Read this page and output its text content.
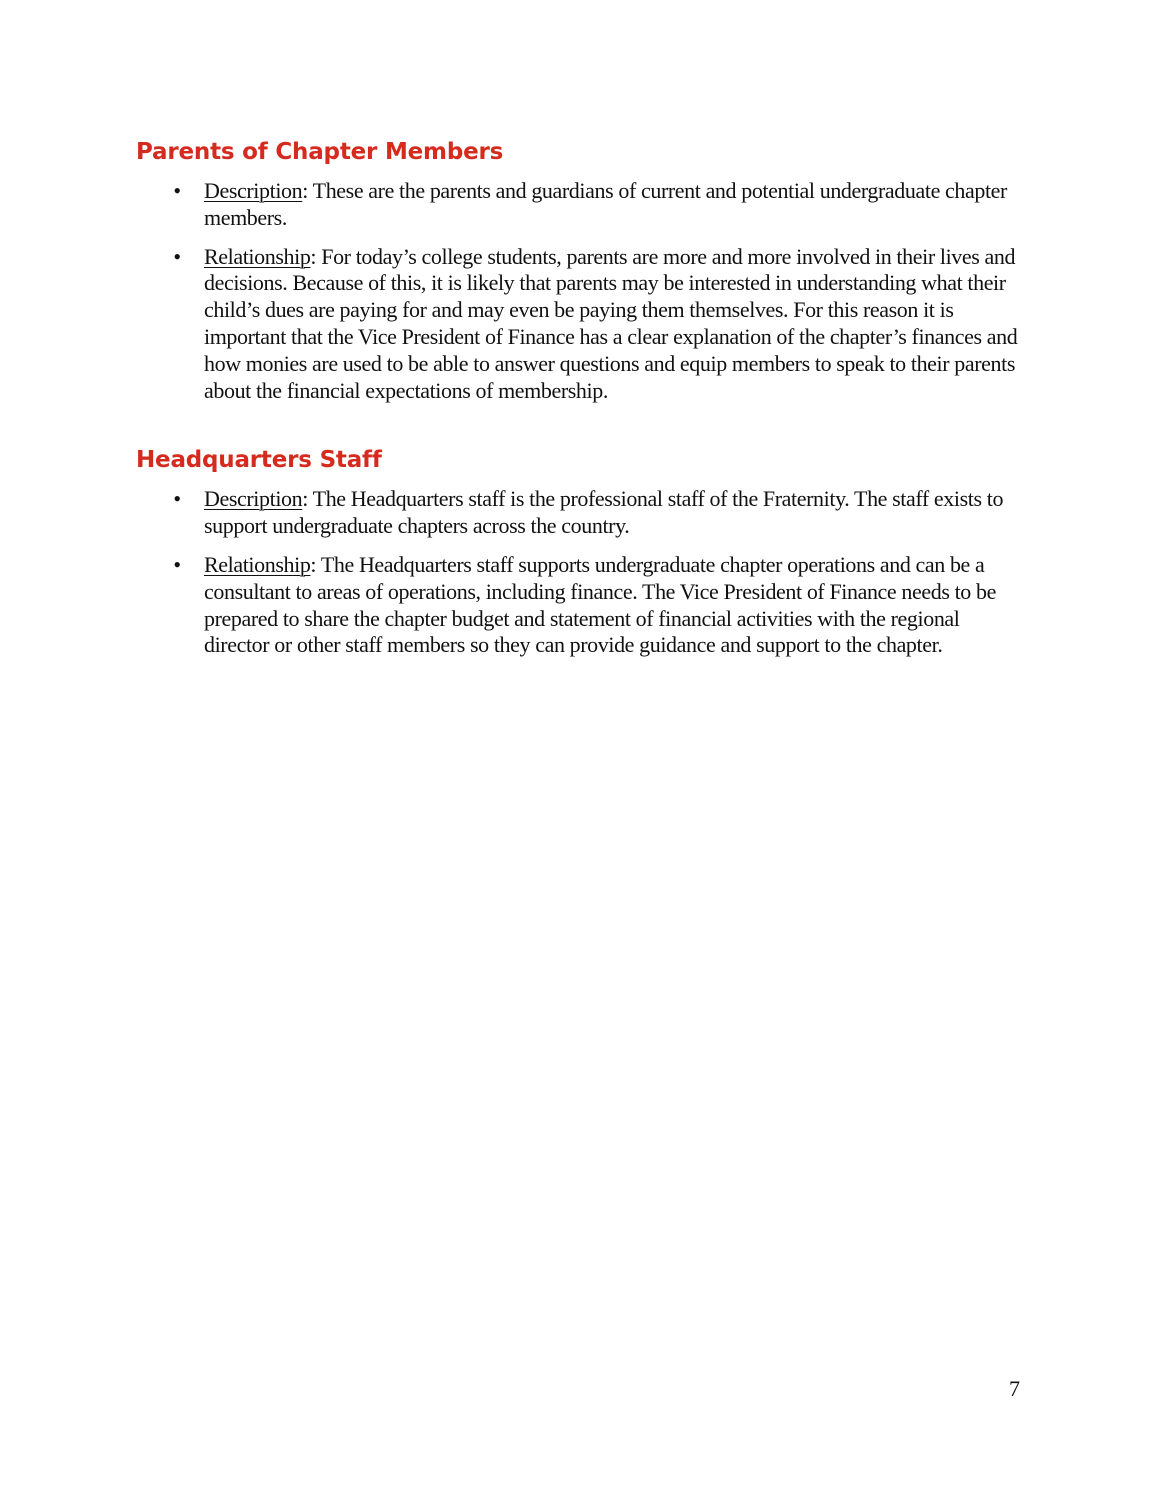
Parents of Chapter Members
• Description: These are the parents and guardians of current and potential undergraduate chapter members.
• Relationship: For today’s college students, parents are more and more involved in their lives and decisions. Because of this, it is likely that parents may be interested in understanding what their child’s dues are paying for and may even be paying them themselves. For this reason it is important that the Vice President of Finance has a clear explanation of the chapter’s finances and how monies are used to be able to answer questions and equip members to speak to their parents about the financial expectations of membership.
Headquarters Staff
• Description: The Headquarters staff is the professional staff of the Fraternity. The staff exists to support undergraduate chapters across the country.
• Relationship: The Headquarters staff supports undergraduate chapter operations and can be a consultant to areas of operations, including finance. The Vice President of Finance needs to be prepared to share the chapter budget and statement of financial activities with the regional director or other staff members so they can provide guidance and support to the chapter.
7
